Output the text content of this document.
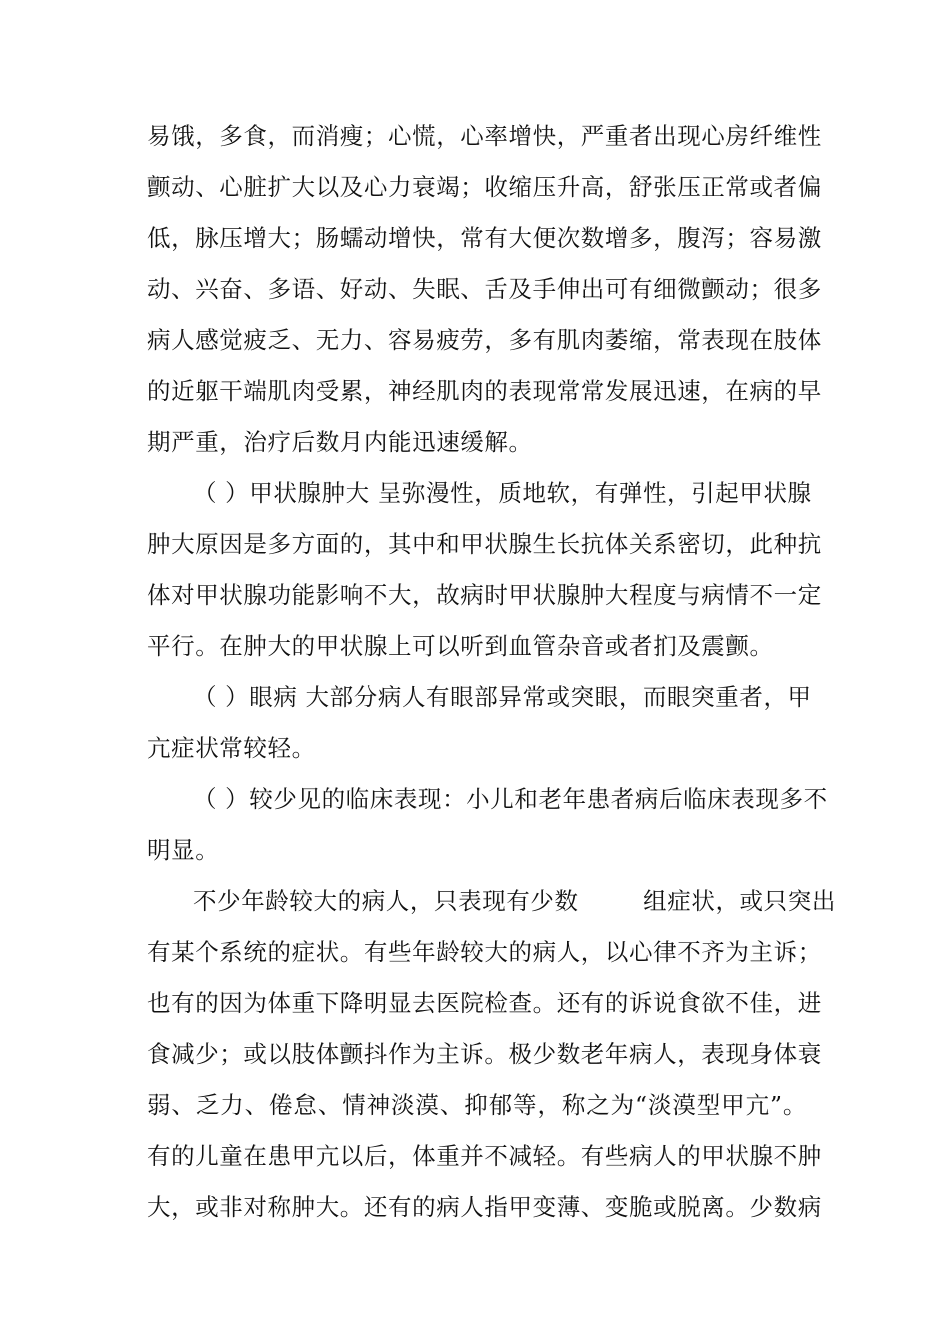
易饿，多食，而消瘦；心慌，心率增快，严重者出现心房纤维性
颤动、心脏扩大以及心力衰竭；收缩压升高，舒张压正常或者偏
低，脉压增大；肠蠕动增快，常有大便次数增多，腹泻；容易激
动、兴奋、多语、好动、失眠、舌及手伸出可有细微颤动；很多
病人感觉疲乏、无力、容易疲劳，多有肌肉萎缩，常表现在肢体
的近躯干端肌肉受累，神经肌肉的表现常常发展迅速，在病的早
期严重，治疗后数月内能迅速缓解。
（ ）甲状腺肿大 呈弥漫性，质地软，有弹性，引起甲状腺
肿大原因是多方面的，其中和甲状腺生长抗体关系密切，此种抗
体对甲状腺功能影响不大，故病时甲状腺肿大程度与病情不一定
平行。在肿大的甲状腺上可以听到血管杂音或者扪及震颤。
（ ）眼病 大部分病人有眼部异常或突眼，而眼突重者，甲
亢症状常较轻。
（ ）较少见的临床表现：小儿和老年患者病后临床表现多不
明显。
不少年龄较大的病人，只表现有少数        组症状，或只突出
有某个系统的症状。有些年龄较大的病人，以心律不齐为主诉；
也有的因为体重下降明显去医院检查。还有的诉说食欲不佳，进
食减少；或以肢体颤抖作为主诉。极少数老年病人，表现身体衰
弱、乏力、倦怠、情神淡漠、抑郁等，称之为“淡漠型甲亢”。
有的儿童在患甲亢以后，体重并不减轻。有些病人的甲状腺不肿
大，或非对称肿大。还有的病人指甲变薄、变脆或脱离。少数病
